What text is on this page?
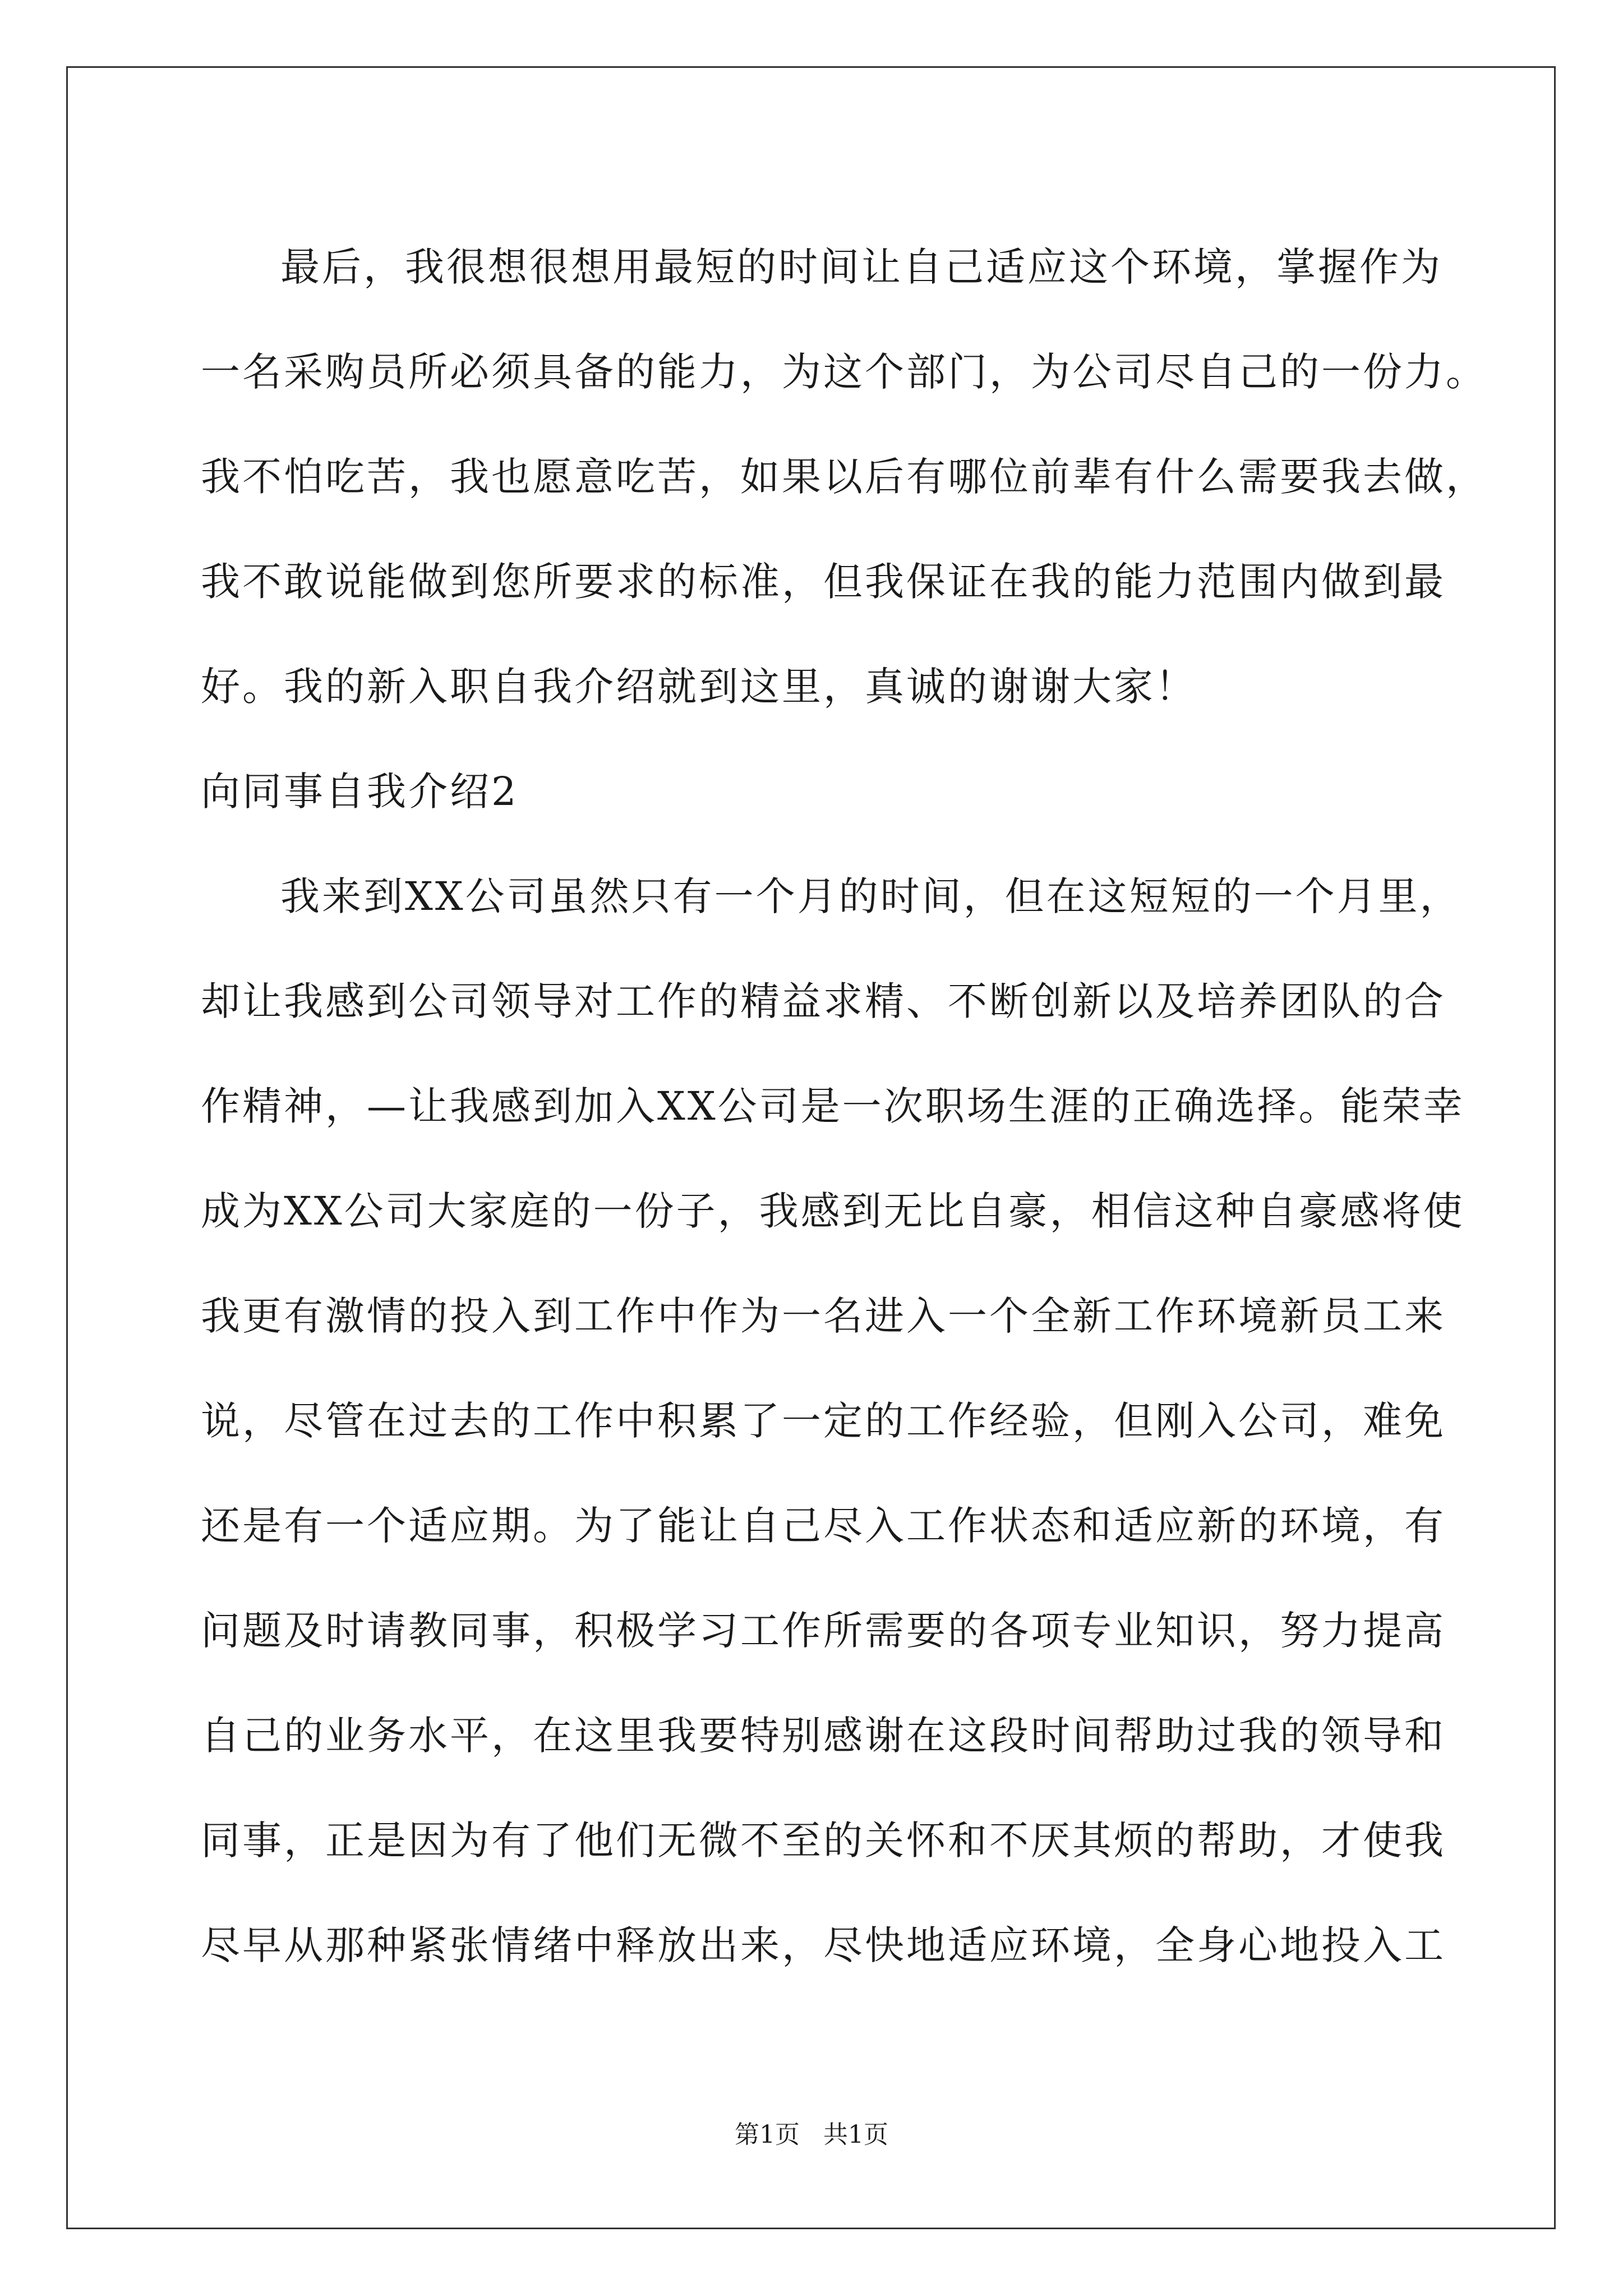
最后，我很想很想用最短的时间让自己适应这个环境，掌握作为
一名采购员所必须具备的能力，为这个部门，为公司尽自己的一份力。
我不怕吃苦，我也愿意吃苦，如果以后有哪位前辈有什么需要我去做，
我不敢说能做到您所要求的标准，但我保证在我的能力范围内做到最
好。我的新入职自我介绍就到这里，真诚的谢谢大家！
向同事自我介绍2
我来到XX公司虽然只有一个月的时间，但在这短短的一个月里，
却让我感到公司领导对工作的精益求精、不断创新以及培养团队的合
作精神，—让我感到加入XX公司是一次职场生涯的正确选择。能荣幸
成为XX公司大家庭的一份子，我感到无比自豪，相信这种自豪感将使
我更有激情的投入到工作中作为一名进入一个全新工作环境新员工来
说，尽管在过去的工作中积累了一定的工作经验，但刚入公司，难免
还是有一个适应期。为了能让自己尽入工作状态和适应新的环境，有
问题及时请教同事，积极学习工作所需要的各项专业知识，努力提高
自己的业务水平，在这里我要特别感谢在这段时间帮助过我的领导和
同事，正是因为有了他们无微不至的关怀和不厌其烦的帮助，才使我
尽早从那种紧张情绪中释放出来，尽快地适应环境，全身心地投入工
第1页   共1页
